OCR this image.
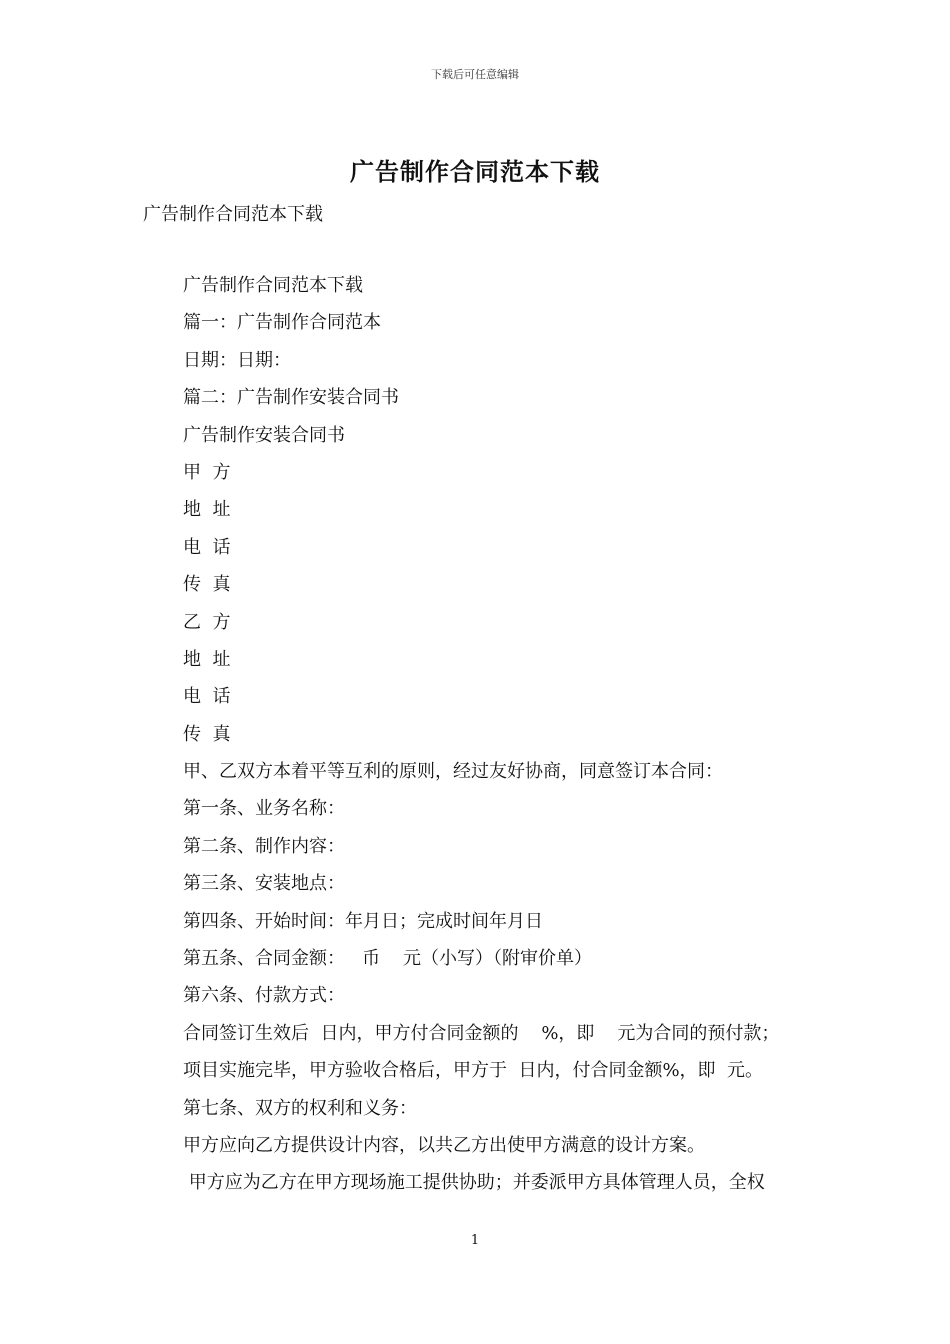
下载后可任意编辑
广告制作合同范本下载
广告制作合同范本下载
广告制作合同范本下载
篇一：广告制作合同范本
日期：日期：
篇二：广告制作安装合同书
广告制作安装合同书
甲  方
地  址
电  话
传  真
乙  方
地  址
电  话
传  真
甲、乙双方本着平等互利的原则，经过友好协商，同意签订本合同：
第一条、业务名称：
第二条、制作内容：
第三条、安装地点：
第四条、开始时间：年月日；完成时间年月日
第五条、合同金额：   币    元（小写）（附审价单）
第六条、付款方式：
合同签订生效后  日内，甲方付合同金额的    %，即    元为合同的预付款；
项目实施完毕，甲方验收合格后，甲方于  日内，付合同金额%，即  元。
第七条、双方的权利和义务：
甲方应向乙方提供设计内容，以共乙方出使甲方满意的设计方案。
甲方应为乙方在甲方现场施工提供协助；并委派甲方具体管理人员，全权
1
